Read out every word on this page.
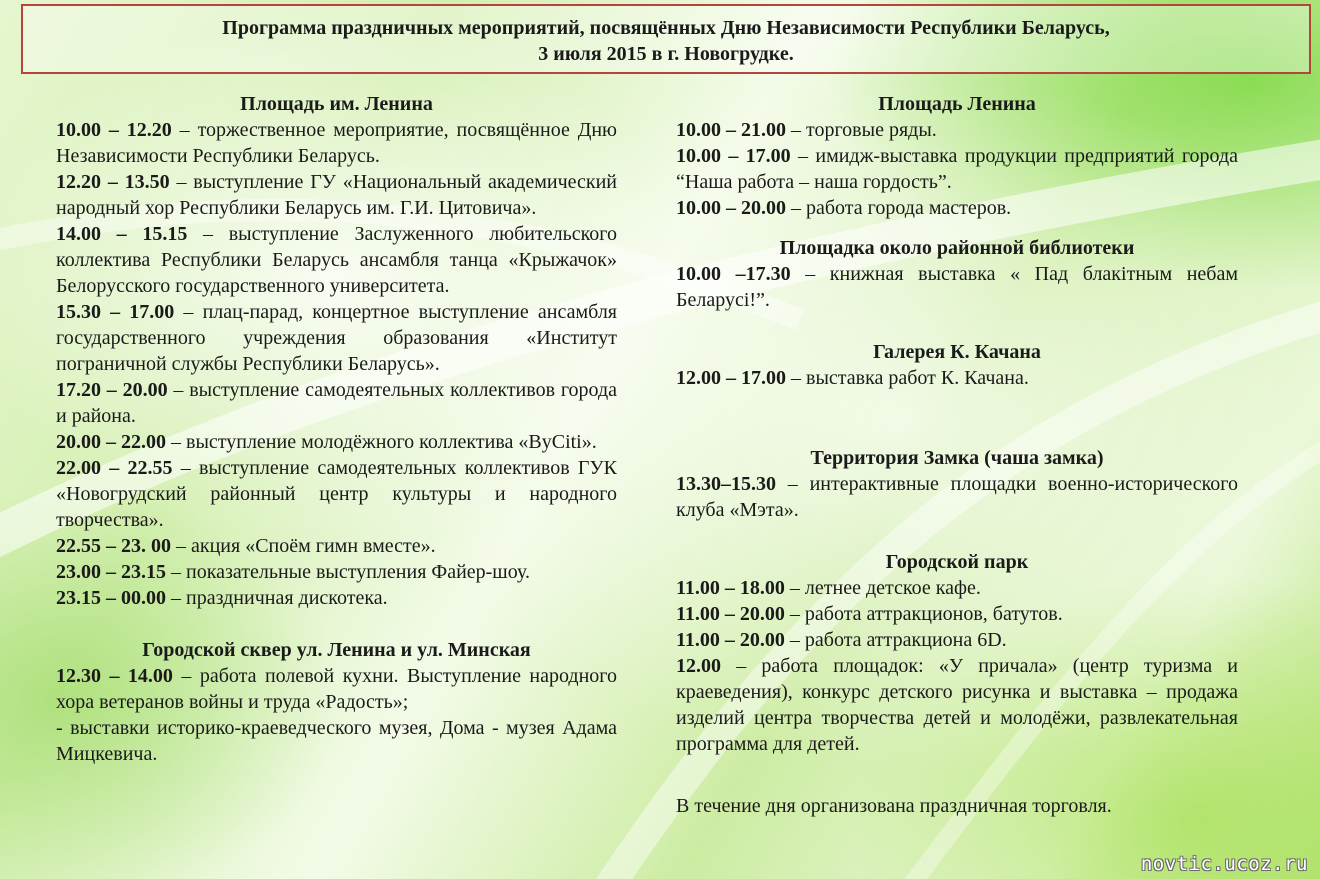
Программа праздничных мероприятий, посвящённых Дню Независимости Республики Беларусь,
3 июля 2015 в г. Новогрудке.

Площадь им. Ленина

10.00 – 12.20 – торжественное мероприятие, посвящённое Дню Независимости Республики Беларусь.

12.20 – 13.50 – выступление ГУ «Национальный академический народный хор Республики Беларусь им. Г.И. Цитовича».

14.00 – 15.15 – выступление Заслуженного любительского коллектива Республики Беларусь ансамбля танца «Крыжачок» Белорусского государственного университета.

15.30 – 17.00 – плац-парад, концертное выступление ансамбля государственного учреждения образования «Институт пограничной службы Республики Беларусь».

17.20 – 20.00 – выступление самодеятельных коллективов города и района.

20.00 – 22.00 – выступление молодёжного коллектива «ByCiti».

22.00 – 22.55 – выступление самодеятельных коллективов ГУК «Новогрудский районный центр культуры и народного творчества».

22.55 – 23. 00 – акция «Споём гимн вместе».

23.00 – 23.15 – показательные выступления Файер-шоу.

23.15 – 00.00 – праздничная дискотека.

Городской сквер ул. Ленина и ул. Минская

12.30 – 14.00 – работа полевой кухни. Выступление народного хора ветеранов войны и труда «Радость»;

- выставки историко-краеведческого музея, Дома - музея Адама Мицкевича.

Площадь Ленина

10.00 – 21.00 – торговые ряды.

10.00 – 17.00 – имидж-выставка продукции предприятий города “Наша работа – наша гордость”.

10.00 – 20.00 – работа города мастеров.

Площадка около районной библиотеки

10.00 –17.30 – книжная выставка « Пад блакітным небам Беларусі!”.

Галерея К. Качана

12.00 – 17.00 – выставка работ К. Качана.

Территория Замка (чаша замка)

13.30–15.30 – интерактивные площадки военно-исторического клуба «Мэта».

Городской парк

11.00 – 18.00 – летнее детское кафе.

11.00 – 20.00 – работа аттракционов, батутов.

11.00 – 20.00 – работа аттракциона 6D.

12.00 – работа площадок: «У причала» (центр туризма и краеведения), конкурс детского рисунка и выставка – продажа изделий центра творчества детей и молодёжи, развлекательная программа для детей.

В течение дня организована праздничная торговля.

novtic.ucoz.ru
